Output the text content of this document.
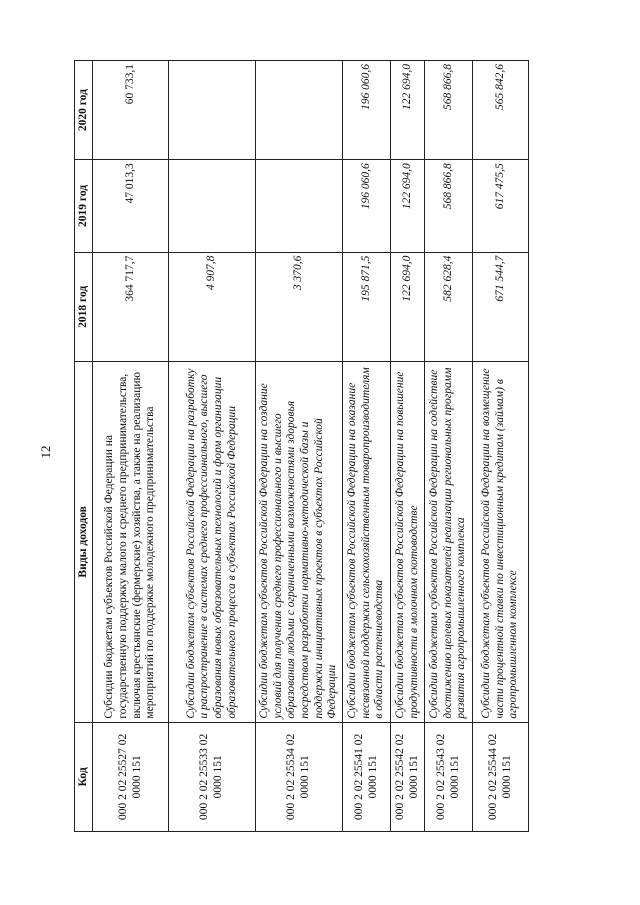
12
Код	Виды доходов	2018 год	2019 год	2020 год
000 2 02 25527 02 0000 151	Субсидии бюджетам субъектов Российской Федерации на государственную поддержку малого и среднего предпринимательства, включая крестьянские (фермерские) хозяйства, а также на реализацию мероприятий по поддержке молодежного предпринимательства	364 717,7	47 013,3	60 733,1
000 2 02 25533 02 0000 151	Субсидии бюджетам субъектов Российской Федерации на разработку и распространение в системах среднего профессионального, высшего образования новых образовательных технологий и форм организации образовательного процесса в субъектах Российской Федерации	4 907,8		
000 2 02 25534 02 0000 151	Субсидии бюджетам субъектов Российской Федерации на создание условий для получения среднего профессионального и высшего образования людьми с ограниченными возможностями здоровья посредством разработки нормативно-методической базы и поддержки инициативных проектов в субъектах Российской Федерации	3 370,6		
000 2 02 25541 02 0000 151	Субсидии бюджетам субъектов Российской Федерации на оказание несвязанной поддержки сельскохозяйственным товаропроизводителям в области растениеводства	195 871,5	196 060,6	196 060,6
000 2 02 25542 02 0000 151	Субсидии бюджетам субъектов Российской Федерации на повышение продуктивности в молочном скотоводстве	122 694,0	122 694,0	122 694,0
000 2 02 25543 02 0000 151	Субсидии бюджетам субъектов Российской Федерации на содействие достижению целевых показателей реализации региональных программ развития агропромышленного комплекса	582 628,4	568 866,8	568 866,8
000 2 02 25544 02 0000 151	Субсидии бюджетам субъектов Российской Федерации на возмещение части процентной ставки по инвестиционным кредитам (займам) в агропромышленном комплексе	671 544,7	617 475,5	565 842,6
